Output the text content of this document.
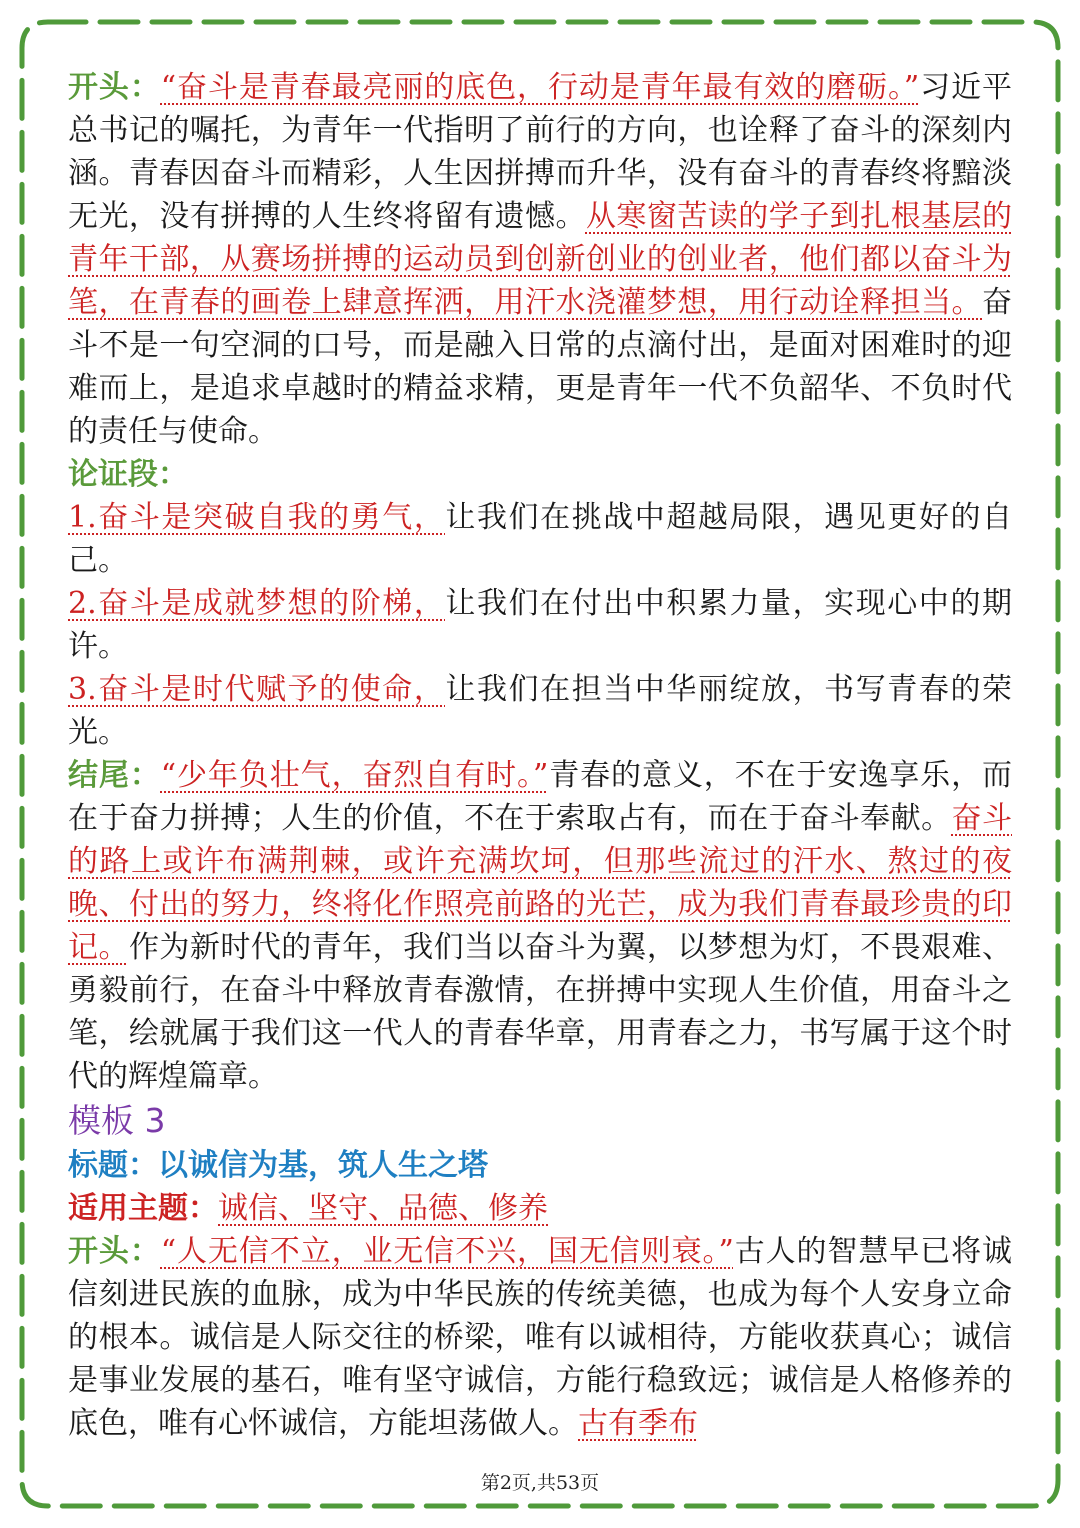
开头：“奋斗是青春最亮丽的底色，行动是青年最有效的磨砺。”习近平总书记的嘱托，为青年一代指明了前行的方向，也诠释了奋斗的深刻内涵。青春因奋斗而精彩，人生因拼搏而升华，没有奋斗的青春终将黯淡无光，没有拼搏的人生终将留有遗憾。从寒窗苦读的学子到扎根基层的青年干部，从赛场拼搏的运动员到创新创业的创业者，他们都以奋斗为笔，在青春的画卷上肆意挥洒，用汗水浇灌梦想，用行动诠释担当。奋斗不是一句空洞的口号，而是融入日常的点滴付出，是面对困难时的迎难而上，是追求卓越时的精益求精，更是青年一代不负韶华、不负时代的责任与使命。

论证段：

1.奋斗是突破自我的勇气，让我们在挑战中超越局限，遇见更好的自己。

2.奋斗是成就梦想的阶梯，让我们在付出中积累力量，实现心中的期许。

3.奋斗是时代赋予的使命，让我们在担当中华丽绽放，书写青春的荣光。

结尾：“少年负壮气，奋烈自有时。”青春的意义，不在于安逸享乐，而在于奋力拼搏；人生的价值，不在于索取占有，而在于奋斗奉献。奋斗的路上或许布满荆棘，或许充满坎坷，但那些流过的汗水、熬过的夜晚、付出的努力，终将化作照亮前路的光芒，成为我们青春最珍贵的印记。作为新时代的青年，我们当以奋斗为翼，以梦想为灯，不畏艰难、勇毅前行，在奋斗中释放青春激情，在拼搏中实现人生价值，用奋斗之笔，绘就属于我们这一代人的青春华章，用青春之力，书写属于这个时代的辉煌篇章。

模板 3

标题：以诚信为基，筑人生之塔

适用主题：诚信、坚守、品德、修养

开头：“人无信不立，业无信不兴，国无信则衰。”古人的智慧早已将诚信刻进民族的血脉，成为中华民族的传统美德，也成为每个人安身立命的根本。诚信是人际交往的桥梁，唯有以诚相待，方能收获真心；诚信是事业发展的基石，唯有坚守诚信，方能行稳致远；诚信是人格修养的底色，唯有心怀诚信，方能坦荡做人。古有季布

第2页,共53页
